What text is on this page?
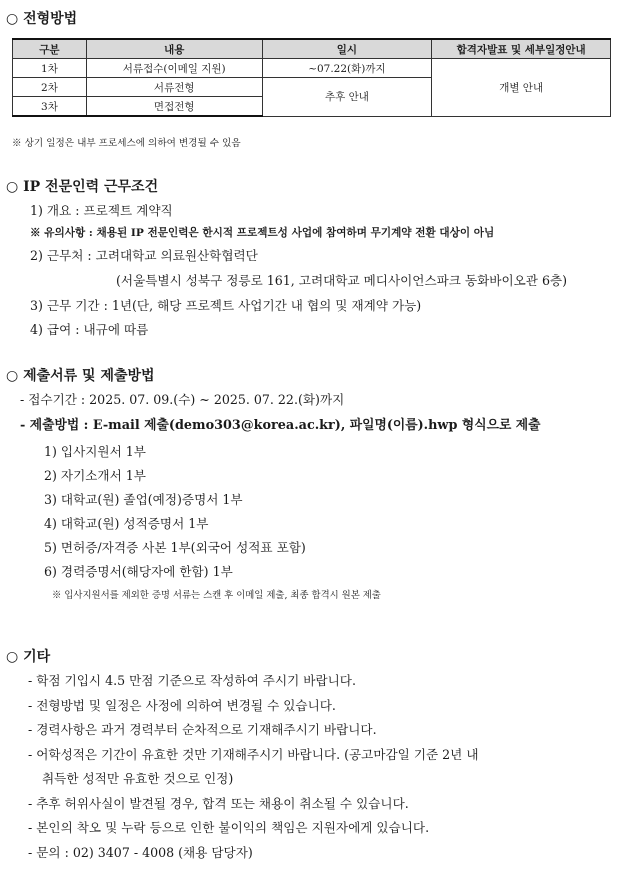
○ 전형방법
구분	내용	일시	합격자발표 및 세부일정안내
1차	서류접수(이메일 지원)	~07.22(화)까지	개별 안내
2차	서류전형	추후 안내	
3차	면접전형		
※ 상기 일정은 내부 프로세스에 의하여 변경될 수 있음
○ IP 전문인력 근무조건
1) 개요 : 프로젝트 계약직
※ 유의사항 : 채용된 IP 전문인력은 한시적 프로젝트성 사업에 참여하며 무기계약 전환 대상이 아님
2) 근무처 : 고려대학교 의료원산학협력단
(서울특별시 성북구 정릉로 161, 고려대학교 메디사이언스파크 동화바이오관 6층)
3) 근무 기간 : 1년(단, 해당 프로젝트 사업기간 내 협의 및 재계약 가능)
4) 급여 : 내규에 따름
○ 제출서류 및 제출방법
- 접수기간 : 2025. 07. 09.(수) ~ 2025. 07. 22.(화)까지
- 제출방법 : E-mail 제출(demo303@korea.ac.kr), 파일명(이름).hwp 형식으로 제출
1) 입사지원서 1부
2) 자기소개서 1부
3) 대학교(원) 졸업(예정)증명서 1부
4) 대학교(원) 성적증명서 1부
5) 면허증/자격증 사본 1부(외국어 성적표 포함)
6) 경력증명서(해당자에 한함) 1부
※ 입사지원서를 제외한 증명 서류는 스캔 후 이메일 제출, 최종 합격시 원본 제출
○ 기타
- 학점 기입시 4.5 만점 기준으로 작성하여 주시기 바랍니다.
- 전형방법 및 일정은 사정에 의하여 변경될 수 있습니다.
- 경력사항은 과거 경력부터 순차적으로 기재해주시기 바랍니다.
- 어학성적은 기간이 유효한 것만 기재해주시기 바랍니다. (공고마감일 기준 2년 내
취득한 성적만 유효한 것으로 인정)
- 추후 허위사실이 발견될 경우, 합격 또는 채용이 취소될 수 있습니다.
- 본인의 착오 및 누락 등으로 인한 불이익의 책임은 지원자에게 있습니다.
- 문의 : 02) 3407 - 4008 (채용 담당자)
